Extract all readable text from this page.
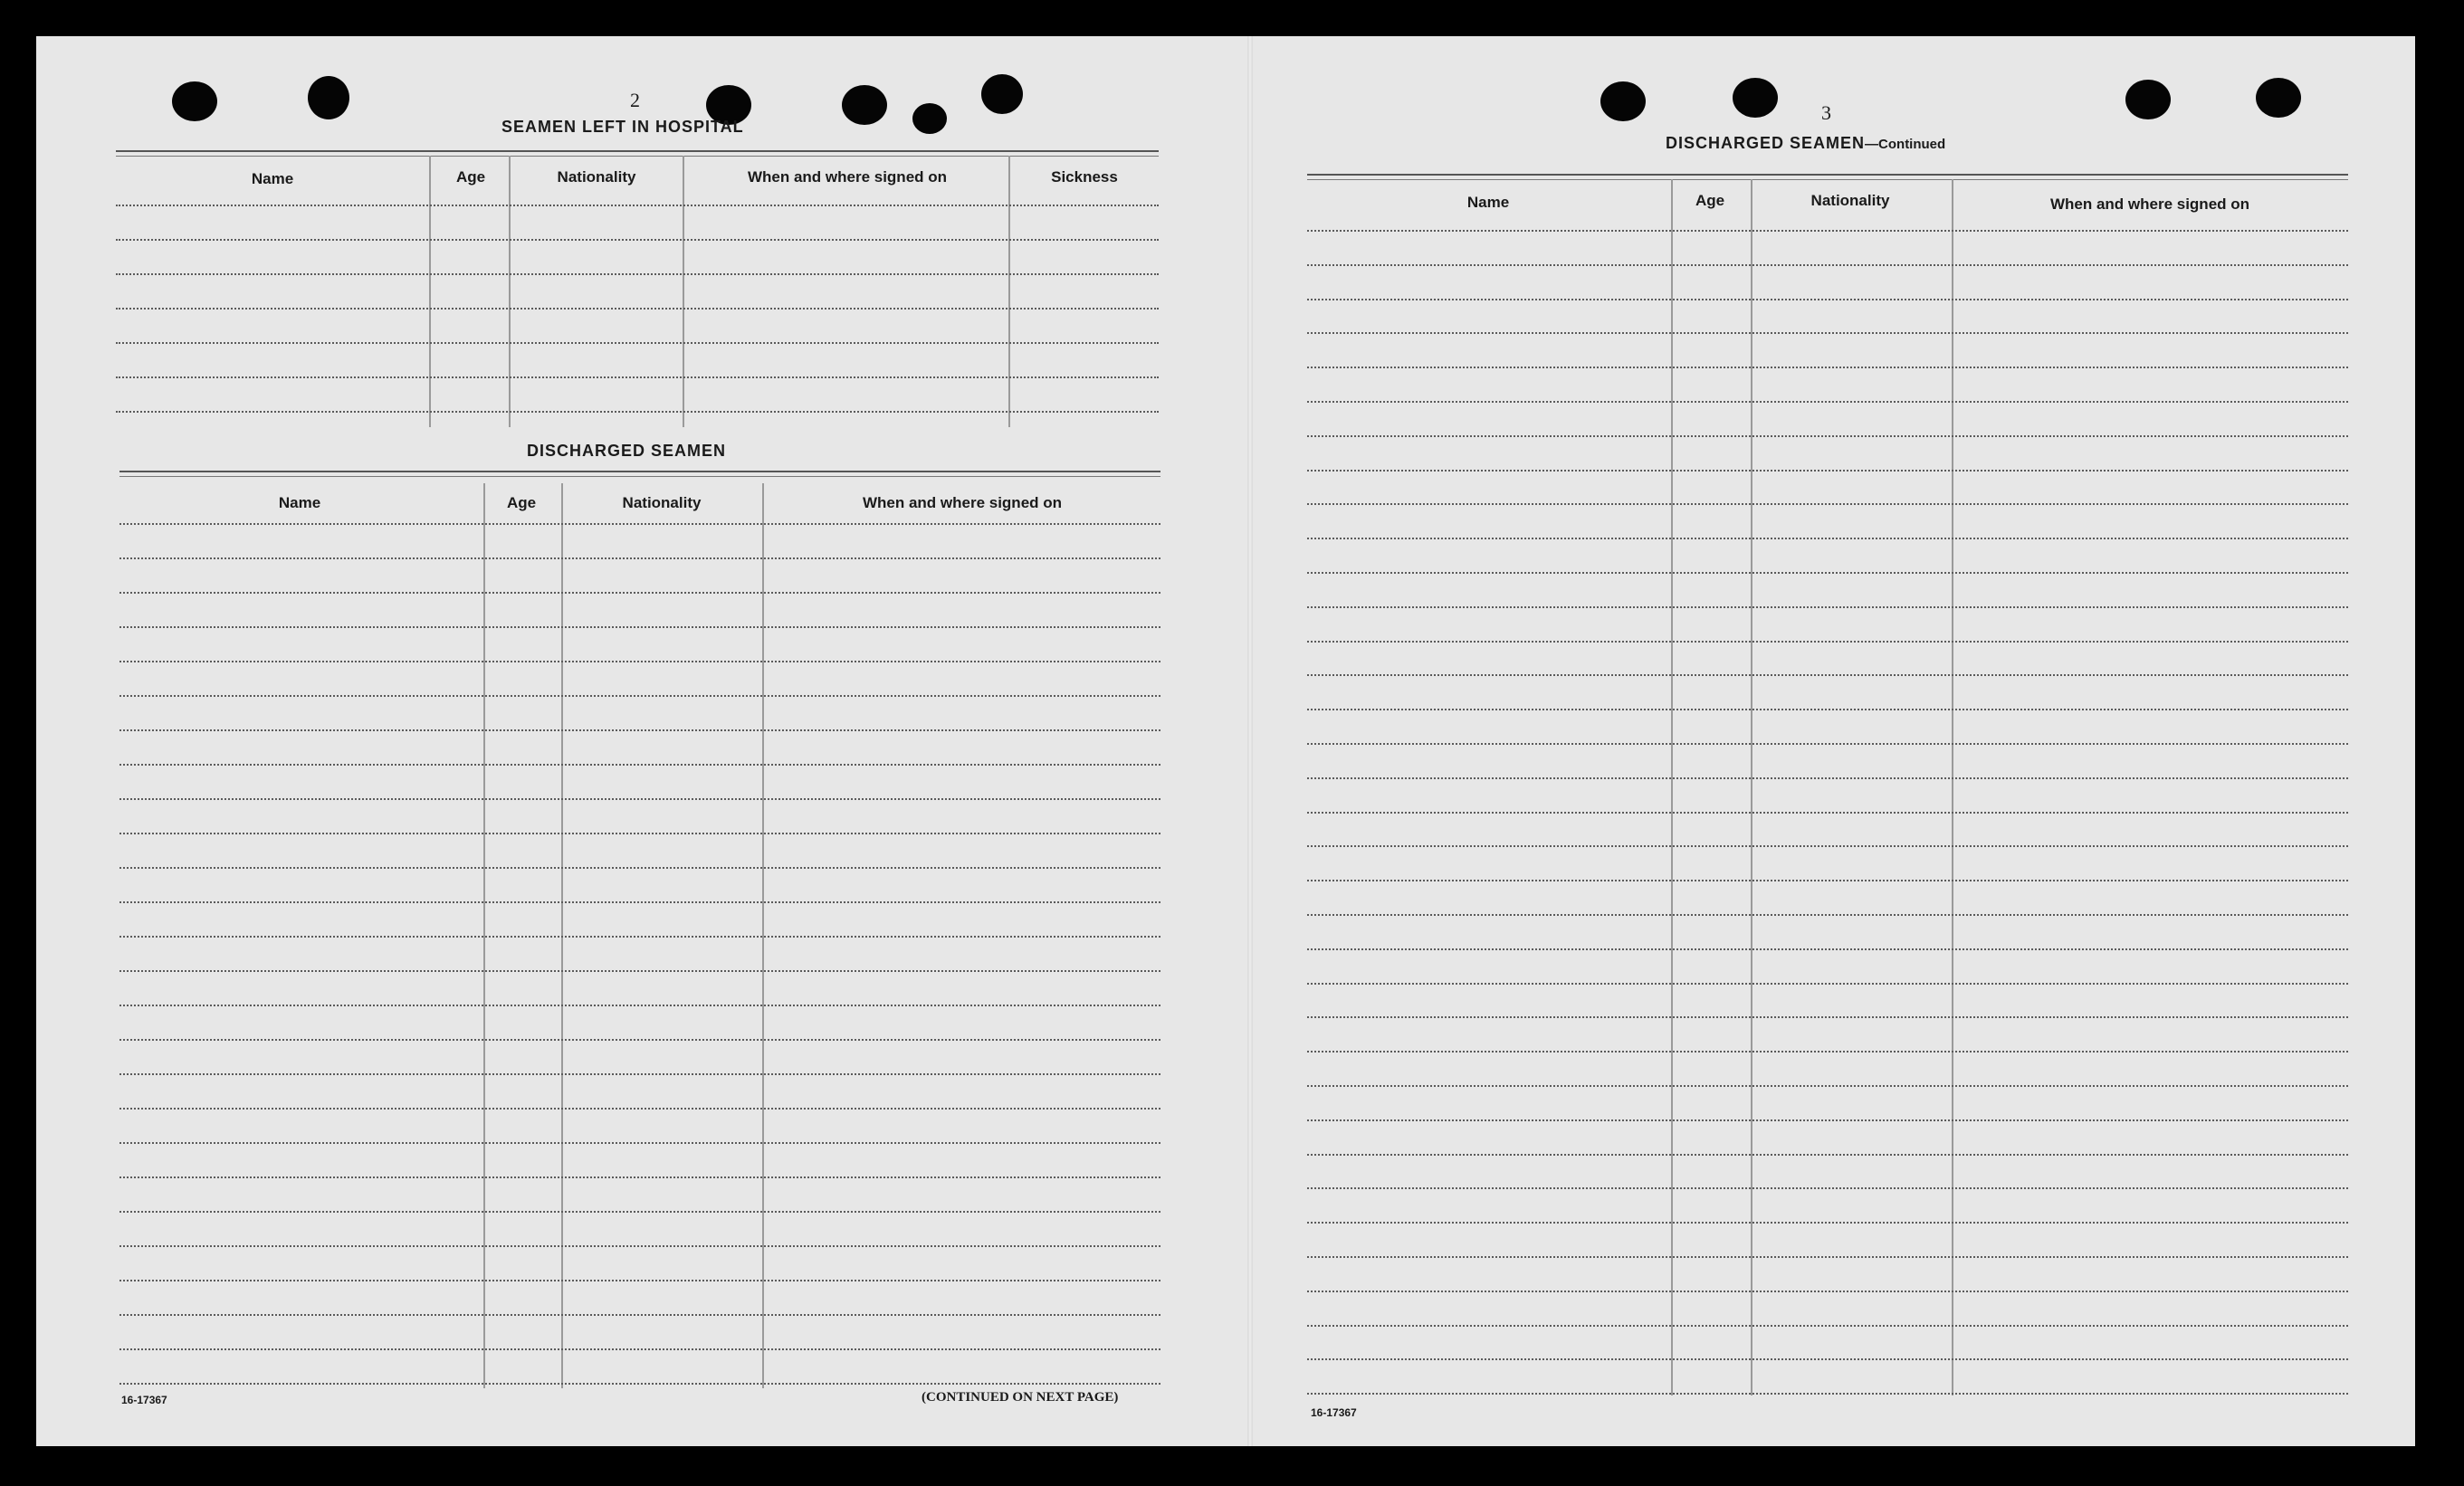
2
SEAMEN LEFT IN HOSPITAL
Name	Age	Nationality	When and where signed on	Sickness
DISCHARGED SEAMEN
Name	Age	Nationality	When and where signed on
16-17367	(CONTINUED ON NEXT PAGE)
3
DISCHARGED SEAMEN—Continued
Name	Age	Nationality	When and where signed on
16-17367
